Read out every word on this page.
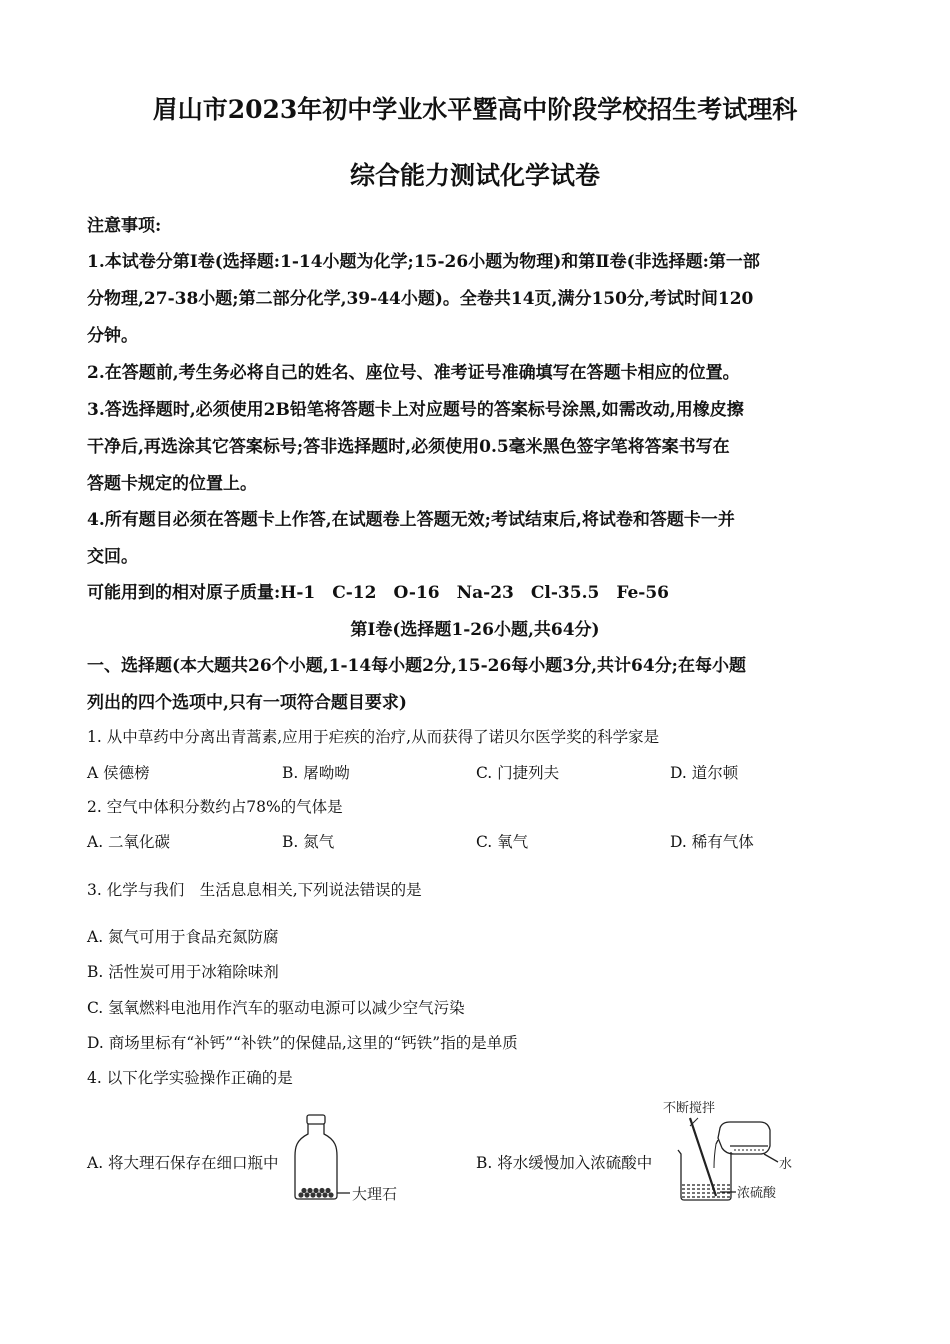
眉山市2023年初中学业水平暨高中阶段学校招生考试理科
综合能力测试化学试卷
注意事项:
1.本试卷分第Ⅰ卷(选择题:1-14小题为化学;15-26小题为物理)和第Ⅱ卷(非选择题:第一部
分物理,27-38小题;第二部分化学,39-44小题)。全卷共14页,满分150分,考试时间120
分钟。
2.在答题前,考生务必将自己的姓名、座位号、准考证号准确填写在答题卡相应的位置。
3.答选择题时,必须使用2B铅笔将答题卡上对应题号的答案标号涂黑,如需改动,用橡皮擦
干净后,再选涂其它答案标号;答非选择题时,必须使用0.5毫米黑色签字笔将答案书写在
答题卡规定的位置上。
4.所有题目必须在答题卡上作答,在试题卷上答题无效;考试结束后,将试卷和答题卡一并
交回。
可能用到的相对原子质量:H-1　C-12　O-16　Na-23　Cl-35.5　Fe-56
第Ⅰ卷(选择题1-26小题,共64分)
一、选择题(本大题共26个小题,1-14每小题2分,15-26每小题3分,共计64分;在每小题
列出的四个选项中,只有一项符合题目要求)
1. 从中草药中分离出青蒿素,应用于疟疾的治疗,从而获得了诺贝尔医学奖的科学家是
A 侯德榜	B. 屠呦呦	C. 门捷列夫	D. 道尔顿
2. 空气中体积分数约占78%的气体是
A. 二氧化碳	B. 氮气	C. 氧气	D. 稀有气体
3. 化学与我们　生活息息相关,下列说法错误的是
A. 氮气可用于食品充氮防腐
B. 活性炭可用于冰箱除味剂
C. 氢氧燃料电池用作汽车的驱动电源可以减少空气污染
D. 商场里标有“补钙”“补铁”的保健品,这里的“钙铁”指的是单质
4. 以下化学实验操作正确的是
A. 将大理石保存在细口瓶中	B. 将水缓慢加入浓硫酸中
大理石
不断搅拌
水
浓硫酸
